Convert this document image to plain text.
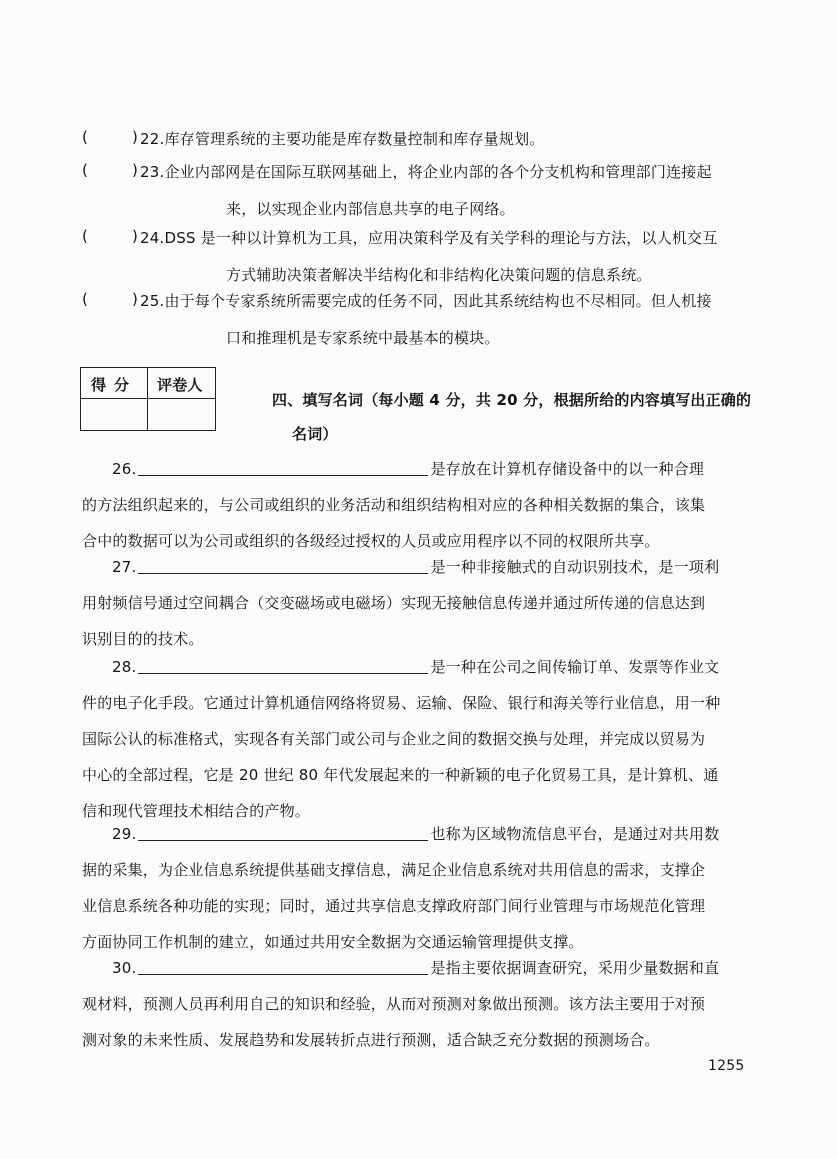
(	) 22.库存管理系统的主要功能是库存数量控制和库存量规划。
(	) 23.企业内部网是在国际互联网基础上，将企业内部的各个分支机构和管理部门连接起
来，以实现企业内部信息共享的电子网络。
(	) 24.DSS 是一种以计算机为工具，应用决策科学及有关学科的理论与方法，以人机交互
方式辅助决策者解决半结构化和非结构化决策问题的信息系统。
(	) 25.由于每个专家系统所需要完成的任务不同，因此其系统结构也不尽相同。但人机接
口和推理机是专家系统中最基本的模块。
得分 评卷人
四、填写名词（每小题 4 分，共 20 分，根据所给的内容填写出正确的
名词）
26.	是存放在计算机存储设备中的以一种合理
的方法组织起来的，与公司或组织的业务活动和组织结构相对应的各种相关数据的集合，该集
合中的数据可以为公司或组织的各级经过授权的人员或应用程序以不同的权限所共享。
27.	是一种非接触式的自动识别技术，是一项利
用射频信号通过空间耦合（交变磁场或电磁场）实现无接触信息传递并通过所传递的信息达到
识别目的的技术。
28.	是一种在公司之间传输订单、发票等作业文
件的电子化手段。它通过计算机通信网络将贸易、运输、保险、银行和海关等行业信息，用一种
国际公认的标准格式，实现各有关部门或公司与企业之间的数据交换与处理，并完成以贸易为
中心的全部过程，它是 20 世纪 80 年代发展起来的一种新颖的电子化贸易工具，是计算机、通
信和现代管理技术相结合的产物。
29.	也称为区域物流信息平台，是通过对共用数
据的采集，为企业信息系统提供基础支撑信息，满足企业信息系统对共用信息的需求，支撑企
业信息系统各种功能的实现；同时，通过共享信息支撑政府部门间行业管理与市场规范化管理
方面协同工作机制的建立，如通过共用安全数据为交通运输管理提供支撑。
30.	是指主要依据调查研究，采用少量数据和直
观材料，预测人员再利用自己的知识和经验，从而对预测对象做出预测。该方法主要用于对预
测对象的未来性质、发展趋势和发展转折点进行预测，适合缺乏充分数据的预测场合。
1255
